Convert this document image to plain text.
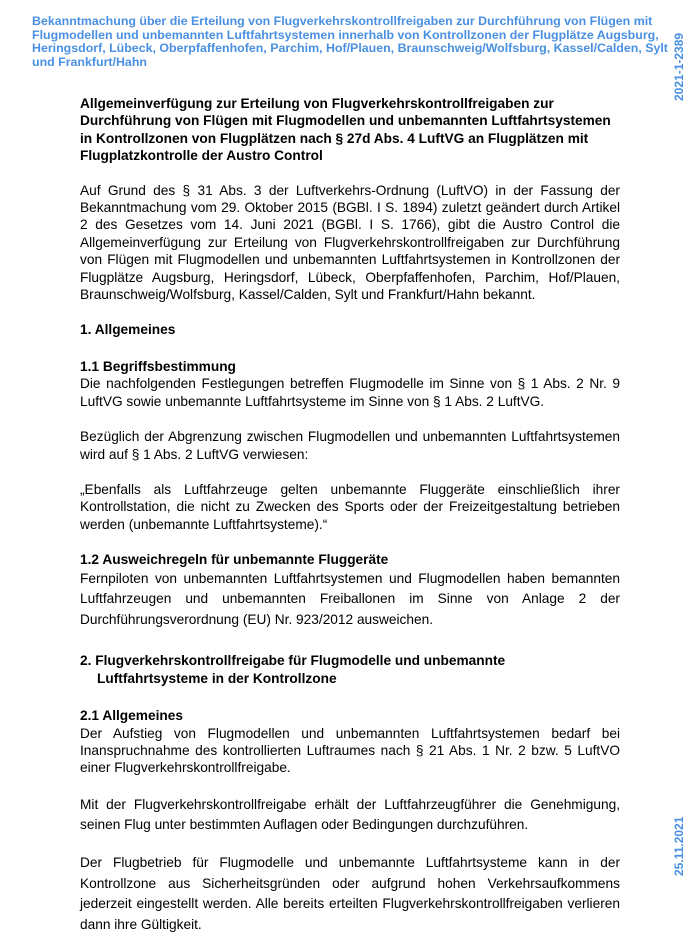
Bekanntmachung über die Erteilung von Flugverkehrskontrollfreigaben zur Durchführung von Flügen mit Flugmodellen und unbemannten Luftfahrtsystemen innerhalb von Kontrollzonen der Flugplätze Augsburg, Heringsdorf, Lübeck, Oberpfaffenhofen, Parchim, Hof/Plauen, Braunschweig/Wolfsburg, Kassel/Calden, Sylt und Frankfurt/Hahn	2021-1-2389
25.11.2021
Allgemeinverfügung zur Erteilung von Flugverkehrskontrollfreigaben zur Durchführung von Flügen mit Flugmodellen und unbemannten Luftfahrtsystemen in Kontrollzonen von Flugplätzen nach § 27d Abs. 4 LuftVG an Flugplätzen mit Flugplatzkontrolle der Austro Control

Auf Grund des § 31 Abs. 3 der Luftverkehrs-Ordnung (LuftVO) in der Fassung der Bekanntmachung vom 29. Oktober 2015 (BGBl. I S. 1894) zuletzt geändert durch Artikel 2 des Gesetzes vom 14. Juni 2021 (BGBl. I S. 1766), gibt die Austro Control die Allgemeinverfügung zur Erteilung von Flugverkehrskontrollfreigaben zur Durchführung von Flügen mit Flugmodellen und unbemannten Luftfahrtsystemen in Kontrollzonen der Flugplätze Augsburg, Heringsdorf, Lübeck, Oberpfaffenhofen, Parchim, Hof/Plauen, Braunschweig/Wolfsburg, Kassel/Calden, Sylt und Frankfurt/Hahn bekannt.

1. Allgemeines
1.1 Begriffsbestimmung

Die nachfolgenden Festlegungen betreffen Flugmodelle im Sinne von § 1 Abs. 2 Nr. 9 LuftVG sowie unbemannte Luftfahrtsysteme im Sinne von § 1 Abs. 2 LuftVG.

Bezüglich der Abgrenzung zwischen Flugmodellen und unbemannten Luftfahrtsystemen wird auf § 1 Abs. 2 LuftVG verwiesen:

„Ebenfalls als Luftfahrzeuge gelten unbemannte Fluggeräte einschließlich ihrer Kontrollstation, die nicht zu Zwecken des Sports oder der Freizeitgestaltung betrieben werden (unbemannte Luftfahrtsysteme).“

1.2 Ausweichregeln für unbemannte Fluggeräte

Fernpiloten von unbemannten Luftfahrtsystemen und Flugmodellen haben bemannten Luftfahrzeugen und unbemannten Freiballonen im Sinne von Anlage 2 der Durchführungsverordnung (EU) Nr. 923/2012 ausweichen.

2. Flugverkehrskontrollfreigabe für Flugmodelle und unbemannte
Luftfahrtsysteme in der Kontrollzone
2.1 Allgemeines

Der Aufstieg von Flugmodellen und unbemannten Luftfahrtsystemen bedarf bei Inanspruchnahme des kontrollierten Luftraumes nach § 21 Abs. 1 Nr. 2 bzw. 5 LuftVO einer Flugverkehrskontrollfreigabe.

Mit der Flugverkehrskontrollfreigabe erhält der Luftfahrzeugführer die Genehmigung, seinen Flug unter bestimmten Auflagen oder Bedingungen durchzuführen.

Der Flugbetrieb für Flugmodelle und unbemannte Luftfahrtsysteme kann in der Kontrollzone aus Sicherheitsgründen oder aufgrund hohen Verkehrsaufkommens jederzeit eingestellt werden. Alle bereits erteilten Flugverkehrskontrollfreigaben verlieren dann ihre Gültigkeit.
